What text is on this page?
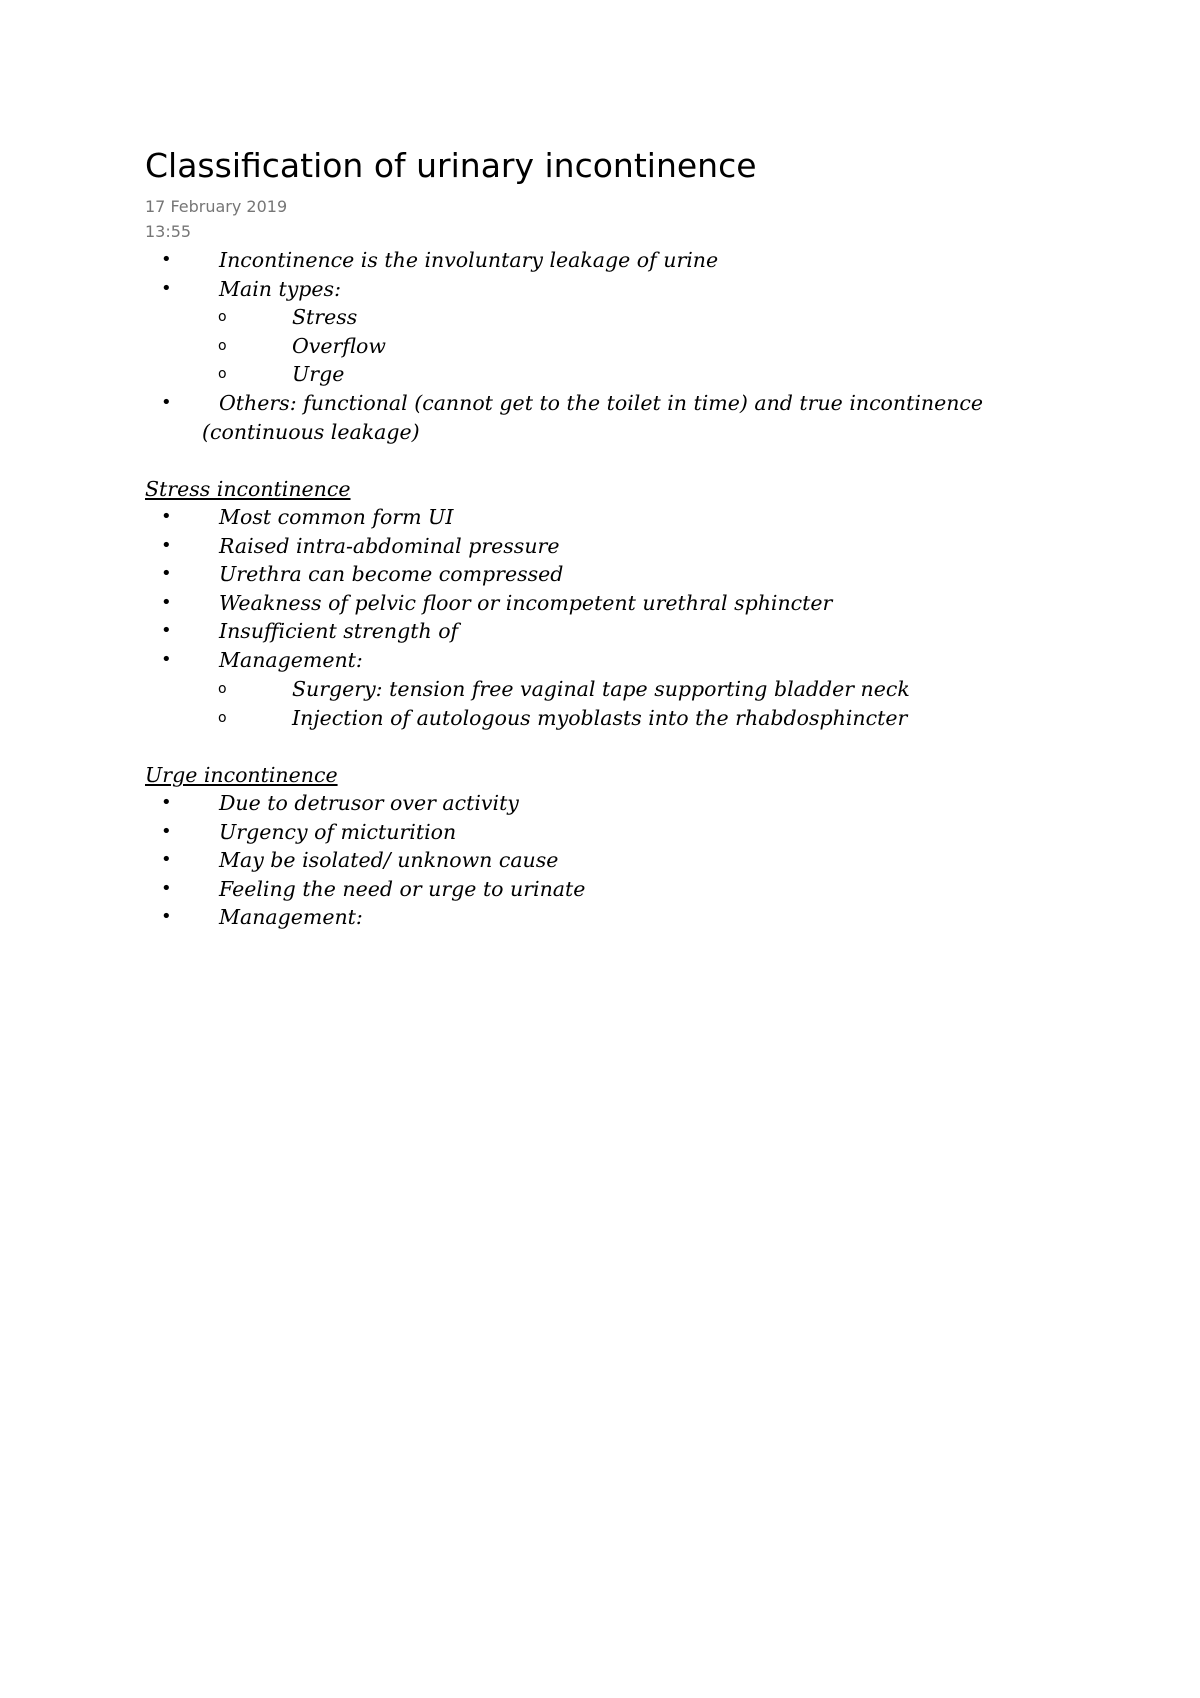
Classification of urinary incontinence
17 February 2019
13:55
• Incontinence is the involuntary leakage of urine
• Main types:
o	Stress
o	Overflow
o	Urge
• Others: functional (cannot get to the toilet in time) and true incontinence
(continuous leakage)
Stress incontinence
• Most common form UI
• Raised intra-abdominal pressure
• Urethra can become compressed
• Weakness of pelvic floor or incompetent urethral sphincter
• Insufficient strength of
• Management:
o	Surgery: tension free vaginal tape supporting bladder neck
o	Injection of autologous myoblasts into the rhabdosphincter
Urge incontinence
• Due to detrusor over activity
• Urgency of micturition
• May be isolated/ unknown cause
• Feeling the need or urge to urinate
• Management:
